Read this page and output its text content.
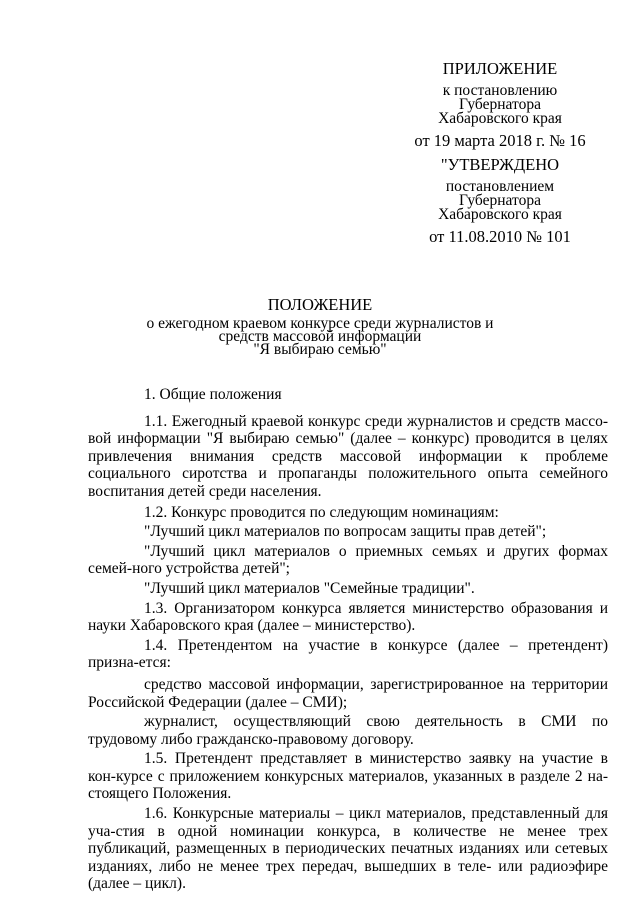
ПРИЛОЖЕНИЕ
к постановлению
Губернатора
Хабаровского края
от 19 марта 2018 г. № 16
"УТВЕРЖДЕНО
постановлением
Губернатора
Хабаровского края
от 11.08.2010 № 101
ПОЛОЖЕНИЕ
о ежегодном краевом конкурсе среди журналистов и
средств массовой информации
"Я выбираю семью"

1. Общие положения

1.1. Ежегодный краевой конкурс среди журналистов и средств массо-вой информации "Я выбираю семью" (далее – конкурс) проводится в целях привлечения внимания средств массовой информации к проблеме социального сиротства и пропаганды положительного опыта семейного воспитания детей среди населения.

1.2. Конкурс проводится по следующим номинациям:

"Лучший цикл материалов по вопросам защиты прав детей";

"Лучший цикл материалов о приемных семьях и других формах семей-ного устройства детей";

"Лучший цикл материалов "Семейные традиции".

1.3. Организатором конкурса является министерство образования и науки Хабаровского края (далее – министерство).

1.4. Претендентом на участие в конкурсе (далее – претендент) призна-ется:

средство массовой информации, зарегистрированное на территории Российской Федерации (далее – СМИ);

журналист, осуществляющий свою деятельность в СМИ по трудовому либо гражданско-правовому договору.

1.5. Претендент представляет в министерство заявку на участие в кон-курсе с приложением конкурсных материалов, указанных в разделе 2 на-стоящего Положения.

1.6. Конкурсные материалы – цикл материалов, представленный для уча-стия в одной номинации конкурса, в количестве не менее трех публикаций, размещенных в периодических печатных изданиях или сетевых изданиях, либо не менее трех передач, вышедших в теле- или радиоэфире (далее – цикл).
